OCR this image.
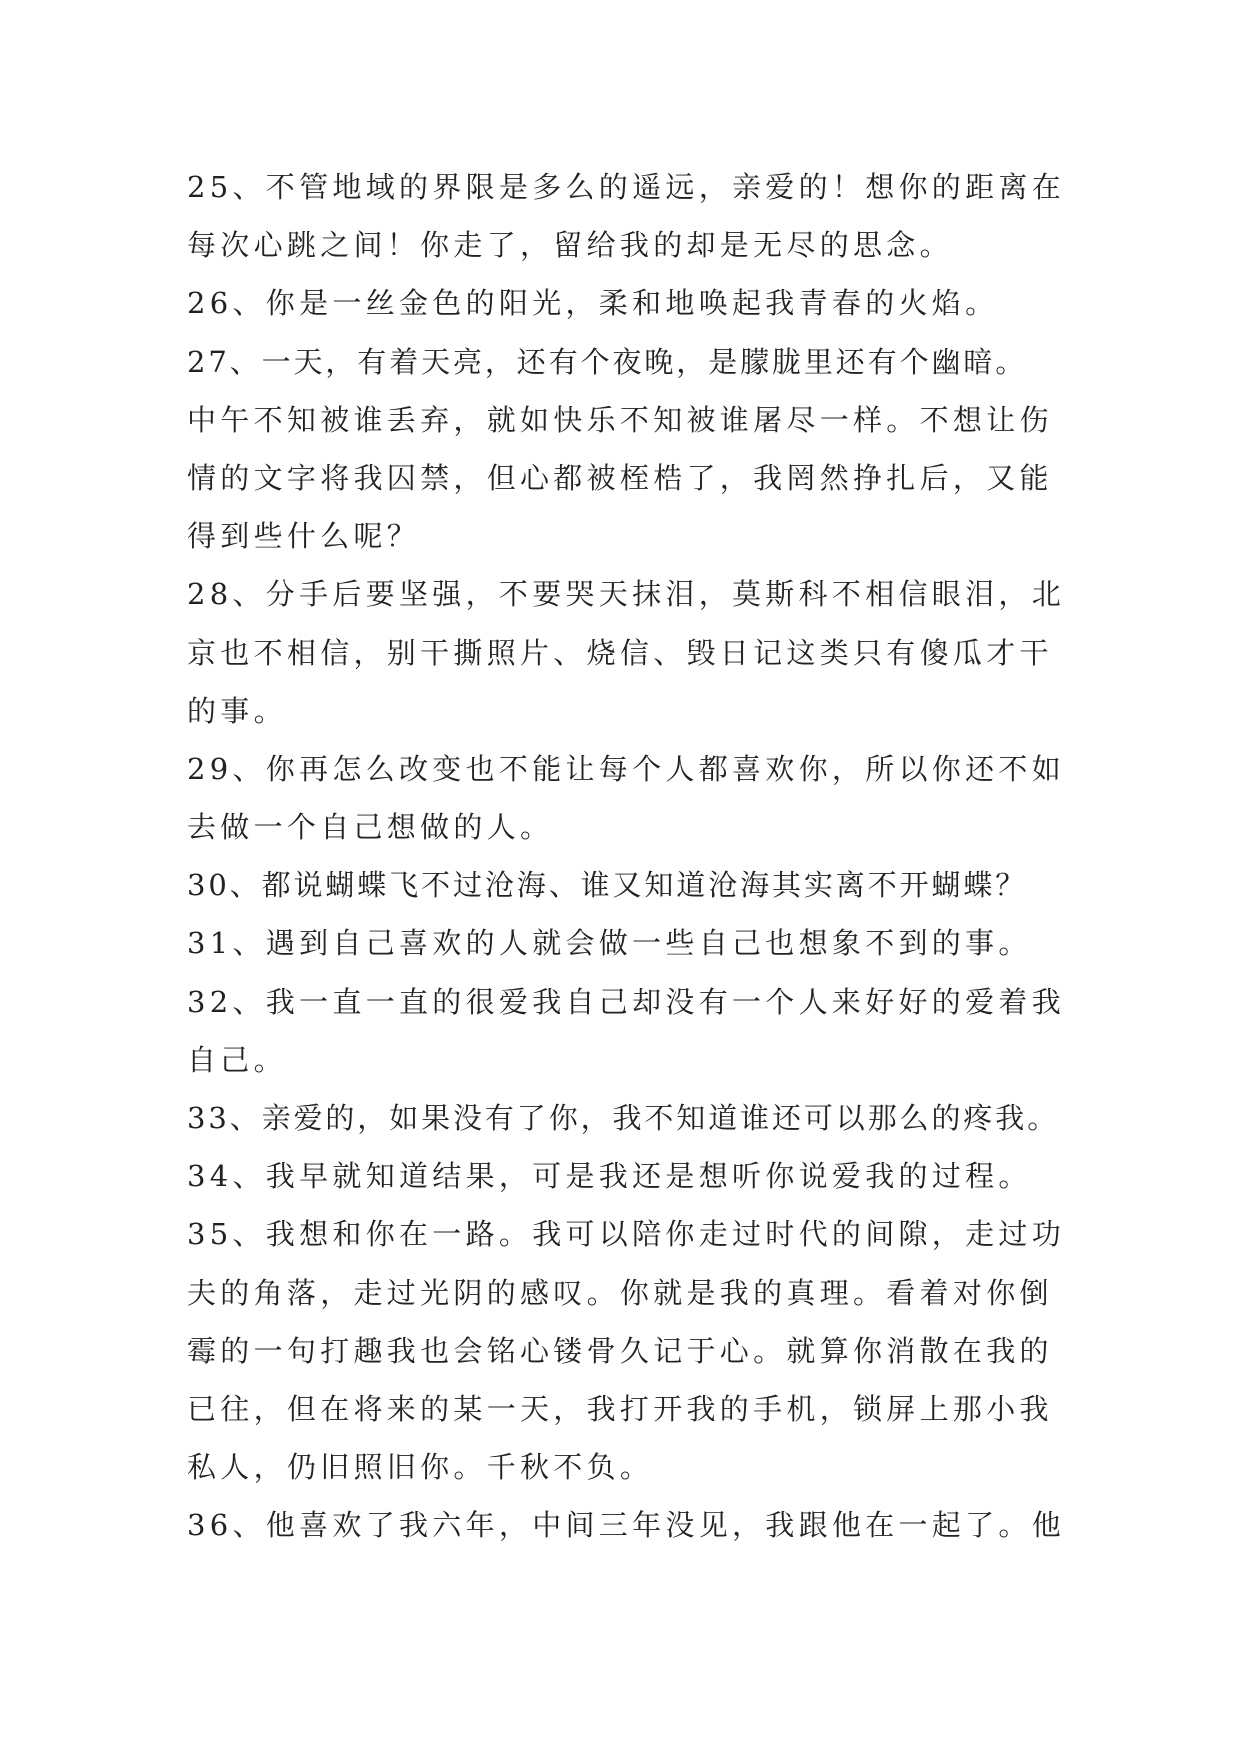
25、不管地域的界限是多么的遥远，亲爱的！想你的距离在
每次心跳之间！你走了，留给我的却是无尽的思念。
26、你是一丝金色的阳光，柔和地唤起我青春的火焰。
27、一天，有着天亮，还有个夜晚，是朦胧里还有个幽暗。
中午不知被谁丢弃，就如快乐不知被谁屠尽一样。不想让伤
情的文字将我囚禁，但心都被桎梏了，我罔然挣扎后，又能
得到些什么呢？
28、分手后要坚强，不要哭天抹泪，莫斯科不相信眼泪，北
京也不相信，别干撕照片、烧信、毁日记这类只有傻瓜才干
的事。
29、你再怎么改变也不能让每个人都喜欢你，所以你还不如
去做一个自己想做的人。
30、都说蝴蝶飞不过沧海、谁又知道沧海其实离不开蝴蝶？
31、遇到自己喜欢的人就会做一些自己也想象不到的事。
32、我一直一直的很爱我自己却没有一个人来好好的爱着我
自己。
33、亲爱的，如果没有了你，我不知道谁还可以那么的疼我。
34、我早就知道结果，可是我还是想听你说爱我的过程。
35、我想和你在一路。我可以陪你走过时代的间隙，走过功
夫的角落，走过光阴的感叹。你就是我的真理。看着对你倒
霉的一句打趣我也会铭心镂骨久记于心。就算你消散在我的
已往，但在将来的某一天，我打开我的手机，锁屏上那小我
私人，仍旧照旧你。千秋不负。
36、他喜欢了我六年，中间三年没见，我跟他在一起了。他
